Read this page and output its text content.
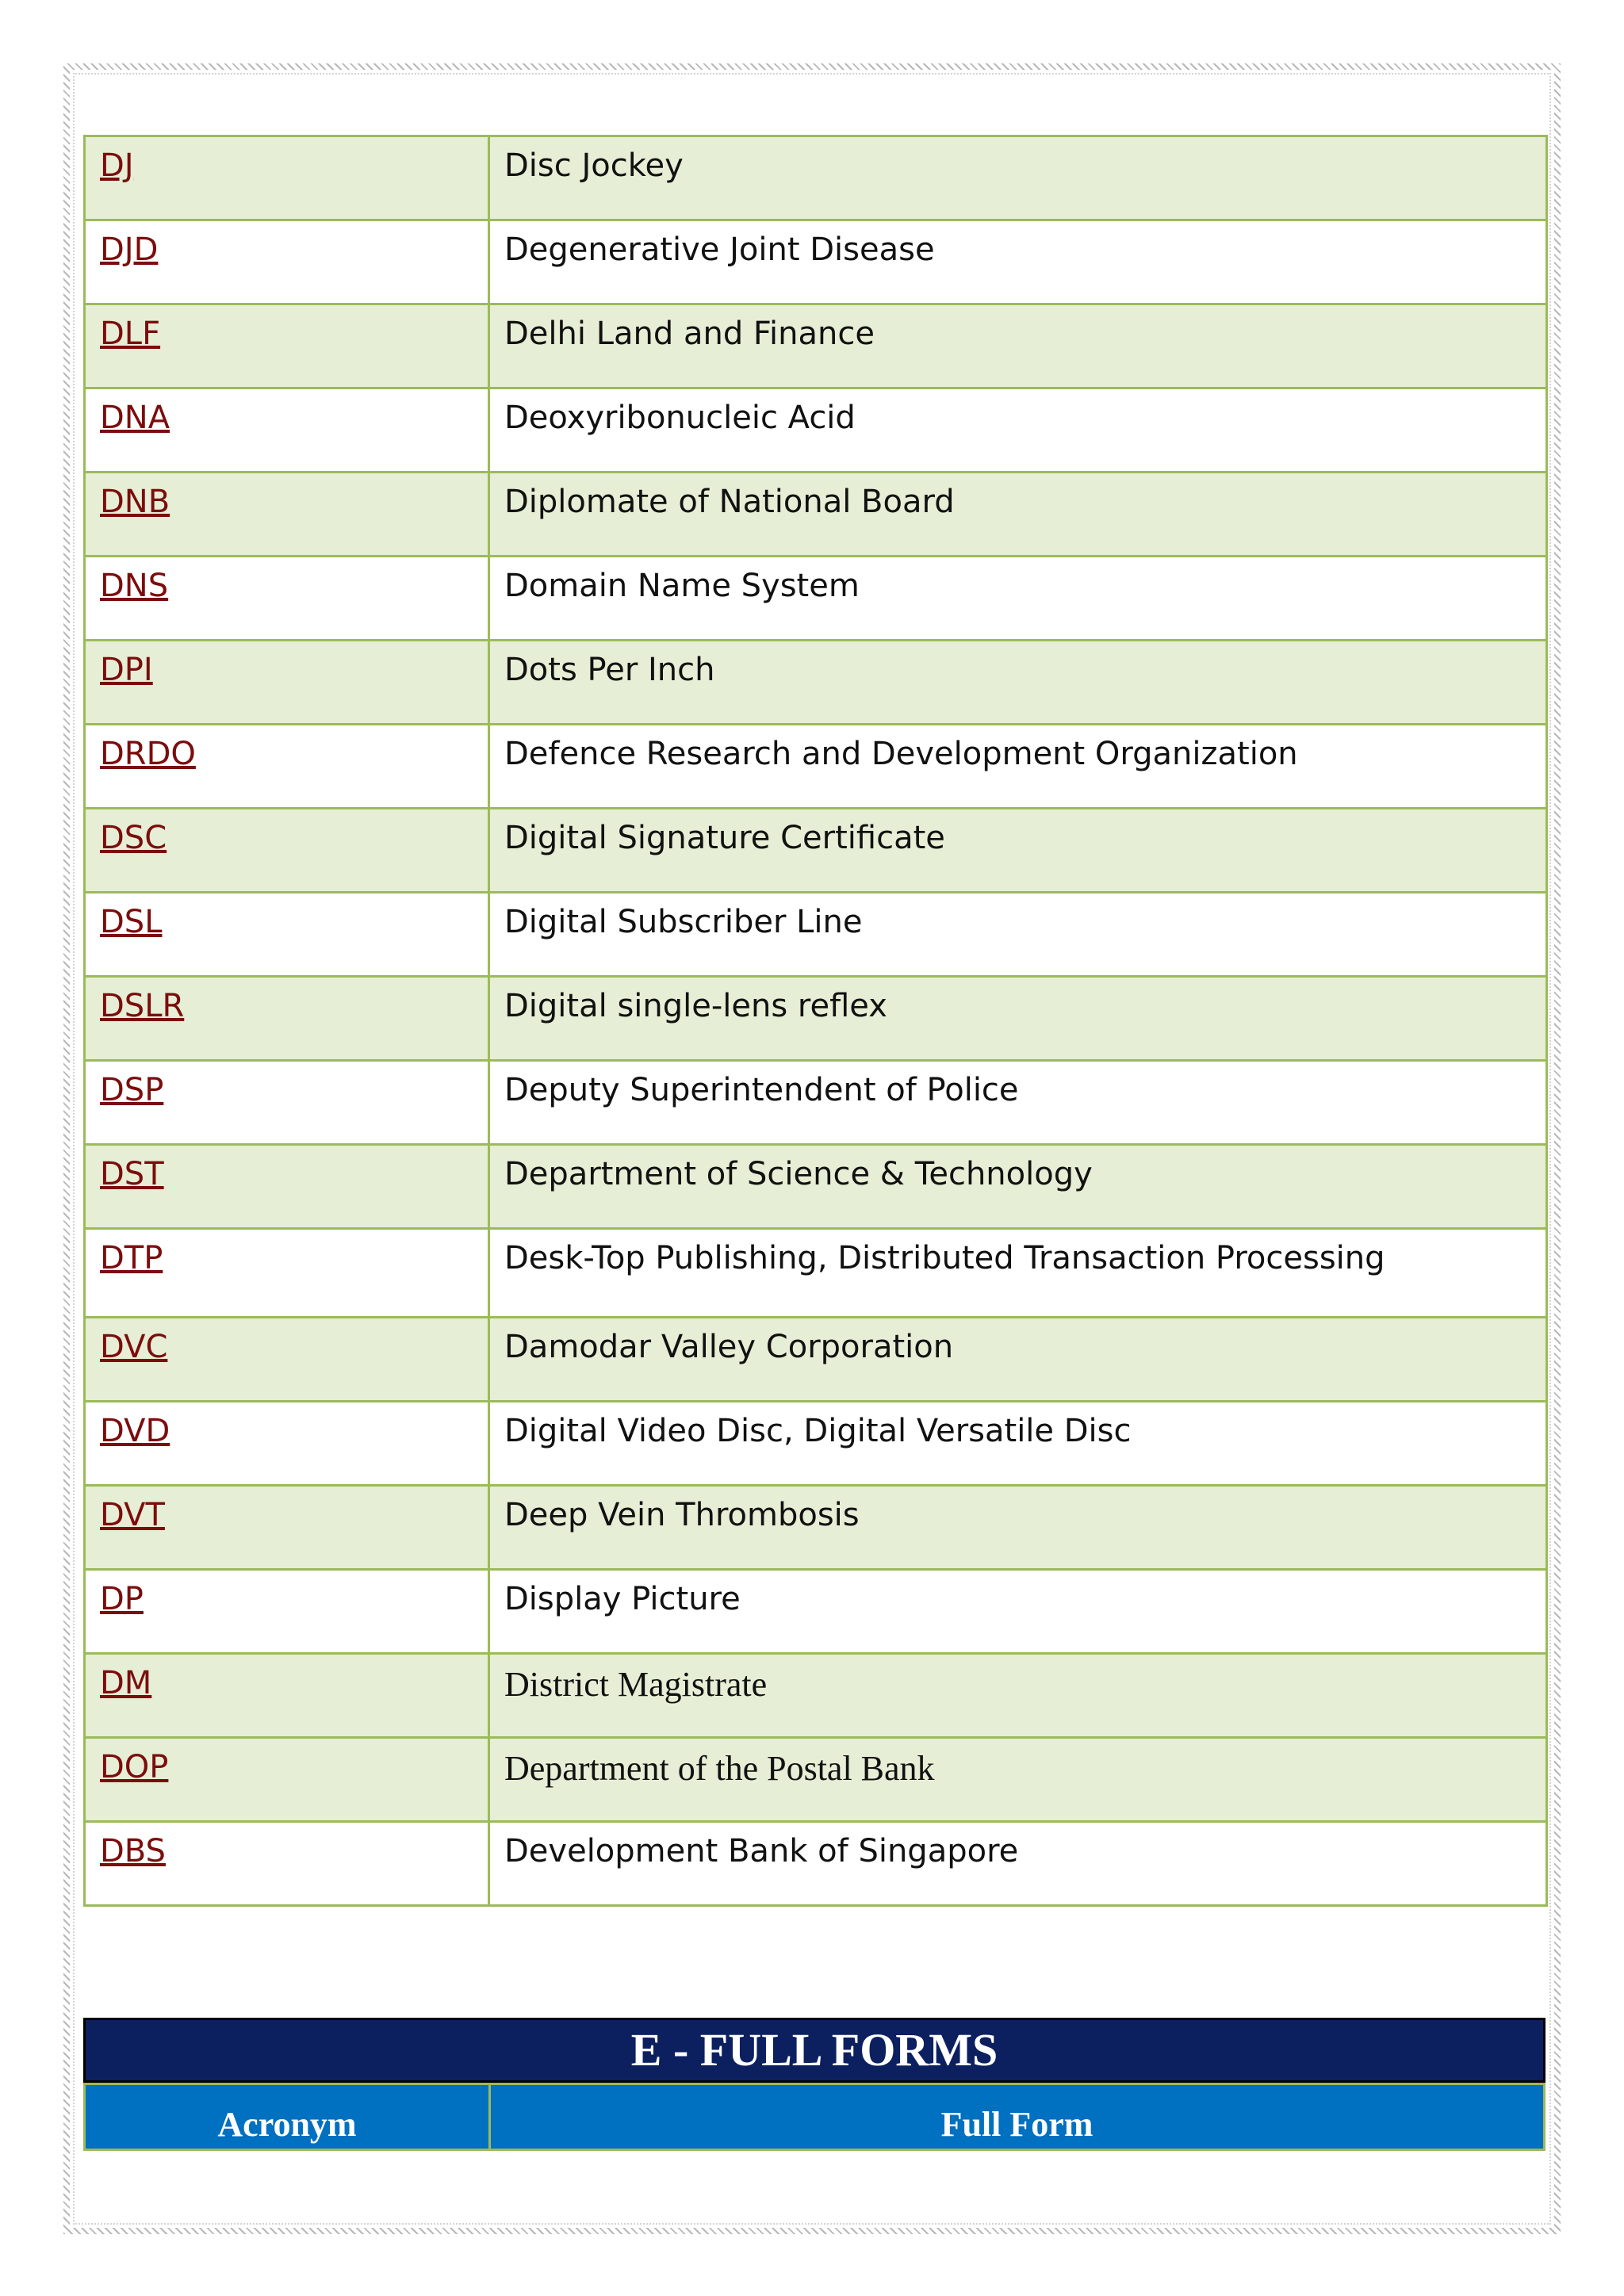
DJ	Disc Jockey
DJD	Degenerative Joint Disease
DLF	Delhi Land and Finance
DNA	Deoxyribonucleic Acid
DNB	Diplomate of National Board
DNS	Domain Name System
DPI	Dots Per Inch
DRDO	Defence Research and Development Organization
DSC	Digital Signature Certificate
DSL	Digital Subscriber Line
DSLR	Digital single-lens reflex
DSP	Deputy Superintendent of Police
DST	Department of Science & Technology
DTP	Desk-Top Publishing, Distributed Transaction Processing
DVC	Damodar Valley Corporation
DVD	Digital Video Disc, Digital Versatile Disc
DVT	Deep Vein Thrombosis
DP	Display Picture
DM	District Magistrate
DOP	Department of the Postal Bank
DBS	Development Bank of Singapore
E - FULL FORMS
Acronym	Full Form
